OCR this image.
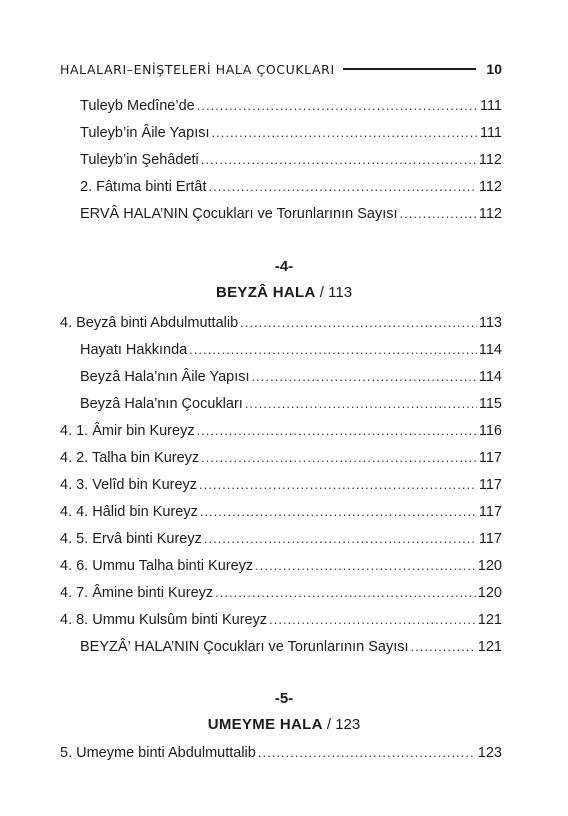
HALALARI–ENİŞTELERİ HALA ÇOCUKLARI	10
Tuleyb Medîne’de .....	111
Tuleyb’in Âile Yapısı .....	111
Tuleyb’in Şehâdeti .....	112
2. Fâtıma binti Ertât .....	112
ERVÂ HALA’NIN Çocukları ve Torunlarının Sayısı .....	112
-4-
BEYZÂ HALA / 113
4. Beyzâ binti Abdulmuttalib .....	113
Hayatı Hakkında .....	114
Beyzâ Hala’nın Âile Yapısı .....	114
Beyzâ Hala’nın Çocukları .....	115
4. 1. Âmir bin Kureyz .....	116
4. 2. Talha bin Kureyz .....	117
4. 3. Velîd bin Kureyz .....	117
4. 4. Hâlid bin Kureyz .....	117
4. 5. Ervâ binti Kureyz .....	117
4. 6. Ummu Talha binti Kureyz .....	120
4. 7. Âmine binti Kureyz .....	120
4. 8. Ummu Kulsûm binti Kureyz .....	121
BEYZÂ’ HALA’NIN Çocukları ve Torunlarının Sayısı .....	121
-5-
UMEYME HALA / 123
5. Umeyme binti Abdulmuttalib .....	123
